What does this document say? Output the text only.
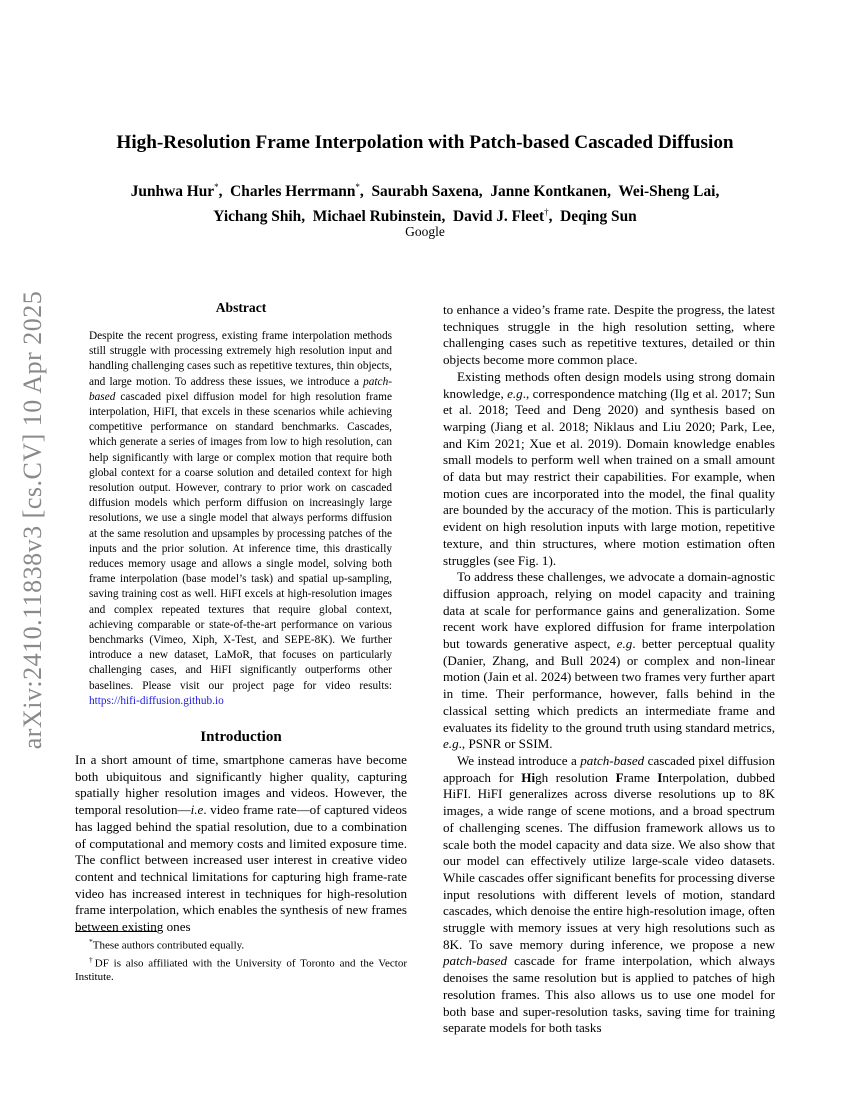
arXiv:2410.11838v3 [cs.CV] 10 Apr 2025
High-Resolution Frame Interpolation with Patch-based Cascaded Diffusion
Junhwa Hur*,  Charles Herrmann*,  Saurabh Saxena,  Janne Kontkanen,  Wei-Sheng Lai,
Yichang Shih,  Michael Rubinstein,  David J. Fleet†,  Deqing Sun
Google
Abstract
Despite the recent progress, existing frame interpolation methods still struggle with processing extremely high resolution input and handling challenging cases such as repetitive textures, thin objects, and large motion. To address these issues, we introduce a patch-based cascaded pixel diffusion model for high resolution frame interpolation, HiFI, that excels in these scenarios while achieving competitive performance on standard benchmarks. Cascades, which generate a series of images from low to high resolution, can help significantly with large or complex motion that require both global context for a coarse solution and detailed context for high resolution output. However, contrary to prior work on cascaded diffusion models which perform diffusion on increasingly large resolutions, we use a single model that always performs diffusion at the same resolution and upsamples by processing patches of the inputs and the prior solution. At inference time, this drastically reduces memory usage and allows a single model, solving both frame interpolation (base model’s task) and spatial up-sampling, saving training cost as well. HiFI excels at high-resolution images and complex repeated textures that require global context, achieving comparable or state-of-the-art performance on various benchmarks (Vimeo, Xiph, X-Test, and SEPE-8K). We further introduce a new dataset, LaMoR, that focuses on particularly challenging cases, and HiFI significantly outperforms other baselines. Please visit our project page for video results: https://hifi-diffusion.github.io
Introduction

In a short amount of time, smartphone cameras have become both ubiquitous and significantly higher quality, capturing spatially higher resolution images and videos. However, the temporal resolution—i.e. video frame rate—of captured videos has lagged behind the spatial resolution, due to a combination of computational and memory costs and limited exposure time. The conflict between increased user interest in creative video content and technical limitations for capturing high frame-rate video has increased interest in techniques for high-resolution frame interpolation, which enables the synthesis of new frames between existing ones

*These authors contributed equally.

†DF is also affiliated with the University of Toronto and the Vector Institute.

to enhance a video’s frame rate. Despite the progress, the latest techniques struggle in the high resolution setting, where challenging cases such as repetitive textures, detailed or thin objects become more common place.

Existing methods often design models using strong domain knowledge, e.g., correspondence matching (Ilg et al. 2017; Sun et al. 2018; Teed and Deng 2020) and synthesis based on warping (Jiang et al. 2018; Niklaus and Liu 2020; Park, Lee, and Kim 2021; Xue et al. 2019). Domain knowledge enables small models to perform well when trained on a small amount of data but may restrict their capabilities. For example, when motion cues are incorporated into the model, the final quality are bounded by the accuracy of the motion. This is particularly evident on high resolution inputs with large motion, repetitive texture, and thin structures, where motion estimation often struggles (see Fig. 1).

To address these challenges, we advocate a domain-agnostic diffusion approach, relying on model capacity and training data at scale for performance gains and generalization. Some recent work have explored diffusion for frame interpolation but towards generative aspect, e.g. better perceptual quality (Danier, Zhang, and Bull 2024) or complex and non-linear motion (Jain et al. 2024) between two frames very further apart in time. Their performance, however, falls behind in the classical setting which predicts an intermediate frame and evaluates its fidelity to the ground truth using standard metrics, e.g., PSNR or SSIM.

We instead introduce a patch-based cascaded pixel diffusion approach for High resolution Frame Interpolation, dubbed HiFI. HiFI generalizes across diverse resolutions up to 8K images, a wide range of scene motions, and a broad spectrum of challenging scenes. The diffusion framework allows us to scale both the model capacity and data size. We also show that our model can effectively utilize large-scale video datasets. While cascades offer significant benefits for processing diverse input resolutions with different levels of motion, standard cascades, which denoise the entire high-resolution image, often struggle with memory issues at very high resolutions such as 8K. To save memory during inference, we propose a new patch-based cascade for frame interpolation, which always denoises the same resolution but is applied to patches of high resolution frames. This also allows us to use one model for both base and super-resolution tasks, saving time for training separate models for both tasks
